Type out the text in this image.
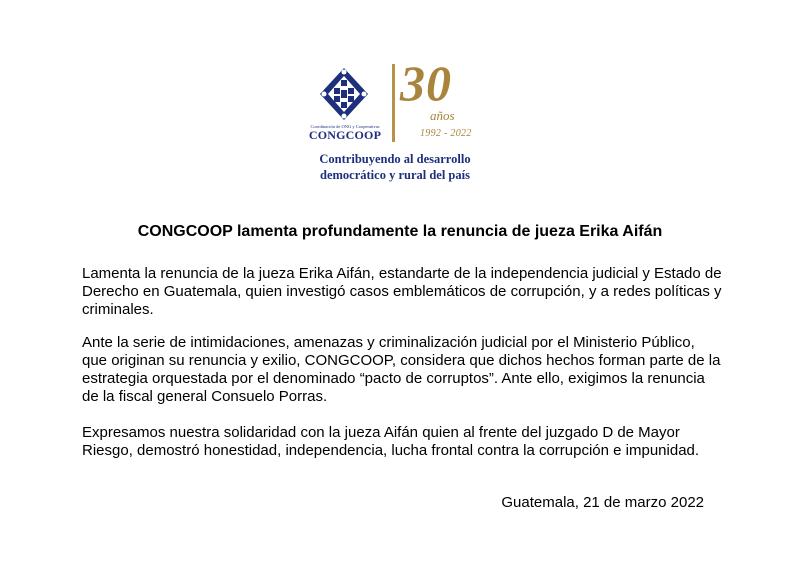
Coordinación de ONG y Cooperativas
CONGCOOP
30
años
1992 - 2022
Contribuyendo al desarrollo
democrático y rural del país
CONGCOOP lamenta profundamente la renuncia de jueza Erika Aifán

Lamenta la renuncia de la jueza Erika Aifán, estandarte de la independencia judicial y Estado de Derecho en Guatemala, quien investigó casos emblemáticos de corrupción, y a redes políticas y criminales.

Ante la serie de intimidaciones, amenazas y criminalización judicial por el Ministerio Público, que originan su renuncia y exilio, CONGCOOP, considera que dichos hechos forman parte de la estrategia orquestada por el denominado “pacto de corruptos”. Ante ello, exigimos la renuncia de la fiscal general Consuelo Porras.

Expresamos nuestra solidaridad con la jueza Aifán quien al frente del juzgado D de Mayor Riesgo, demostró honestidad, independencia, lucha frontal contra la corrupción e impunidad.

Guatemala, 21 de marzo 2022
